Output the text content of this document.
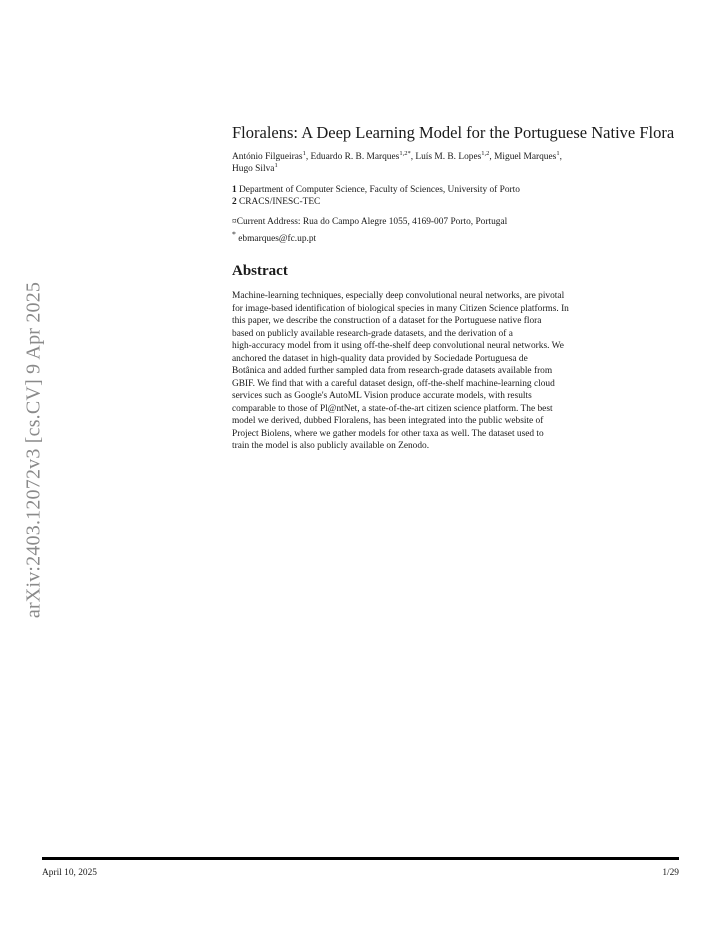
arXiv:2403.12072v3 [cs.CV] 9 Apr 2025
Floralens: A Deep Learning Model for the Portuguese Native Flora
António Filgueiras$^1$, Eduardo R. B. Marques$^{1,2*}$, Luís M. B. Lopes$^{1,2}$, Miguel Marques$^1$,
Hugo Silva$^1$
1 Department of Computer Science, Faculty of Sciences, University of Porto
2 CRACS/INESC-TEC
¤Current Address: Rua do Campo Alegre 1055, 4169-007 Porto, Portugal
* ebmarques@fc.up.pt
Abstract
Machine-learning techniques, especially deep convolutional neural networks, are pivotal
for image-based identification of biological species in many Citizen Science platforms. In
this paper, we describe the construction of a dataset for the Portuguese native flora
based on publicly available research-grade datasets, and the derivation of a
high-accuracy model from it using off-the-shelf deep convolutional neural networks. We
anchored the dataset in high-quality data provided by Sociedade Portuguesa de
Botânica and added further sampled data from research-grade datasets available from
GBIF. We find that with a careful dataset design, off-the-shelf machine-learning cloud
services such as Google's AutoML Vision produce accurate models, with results
comparable to those of Pl@ntNet, a state-of-the-art citizen science platform. The best
model we derived, dubbed Floralens, has been integrated into the public website of
Project Biolens, where we gather models for other taxa as well. The dataset used to
train the model is also publicly available on Zenodo.
April 10, 2025	1/29
